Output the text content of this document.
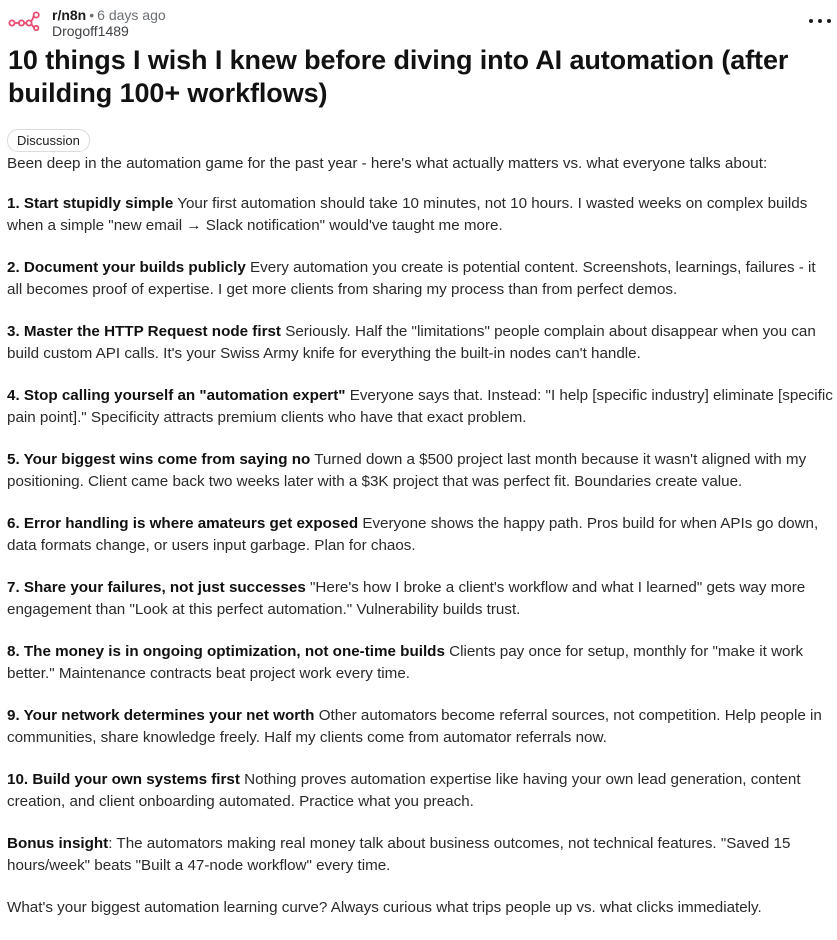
r/n8n • 6 days ago
Drogoff1489
10 things I wish I knew before diving into AI automation (after building 100+ workflows)
Discussion

Been deep in the automation game for the past year - here's what actually matters vs. what everyone talks about:

1. Start stupidly simple Your first automation should take 10 minutes, not 10 hours. I wasted weeks on complex builds when a simple "new email → Slack notification" would've taught me more.

2. Document your builds publicly Every automation you create is potential content. Screenshots, learnings, failures - it all becomes proof of expertise. I get more clients from sharing my process than from perfect demos.

3. Master the HTTP Request node first Seriously. Half the "limitations" people complain about disappear when you can build custom API calls. It's your Swiss Army knife for everything the built-in nodes can't handle.

4. Stop calling yourself an "automation expert" Everyone says that. Instead: "I help [specific industry] eliminate [specific pain point]." Specificity attracts premium clients who have that exact problem.

5. Your biggest wins come from saying no Turned down a $500 project last month because it wasn't aligned with my positioning. Client came back two weeks later with a $3K project that was perfect fit. Boundaries create value.

6. Error handling is where amateurs get exposed Everyone shows the happy path. Pros build for when APIs go down, data formats change, or users input garbage. Plan for chaos.

7. Share your failures, not just successes "Here's how I broke a client's workflow and what I learned" gets way more engagement than "Look at this perfect automation." Vulnerability builds trust.

8. The money is in ongoing optimization, not one-time builds Clients pay once for setup, monthly for "make it work better." Maintenance contracts beat project work every time.

9. Your network determines your net worth Other automators become referral sources, not competition. Help people in communities, share knowledge freely. Half my clients come from automator referrals now.

10. Build your own systems first Nothing proves automation expertise like having your own lead generation, content creation, and client onboarding automated. Practice what you preach.

Bonus insight: The automators making real money talk about business outcomes, not technical features. "Saved 15 hours/week" beats "Built a 47-node workflow" every time.

What's your biggest automation learning curve? Always curious what trips people up vs. what clicks immediately.
